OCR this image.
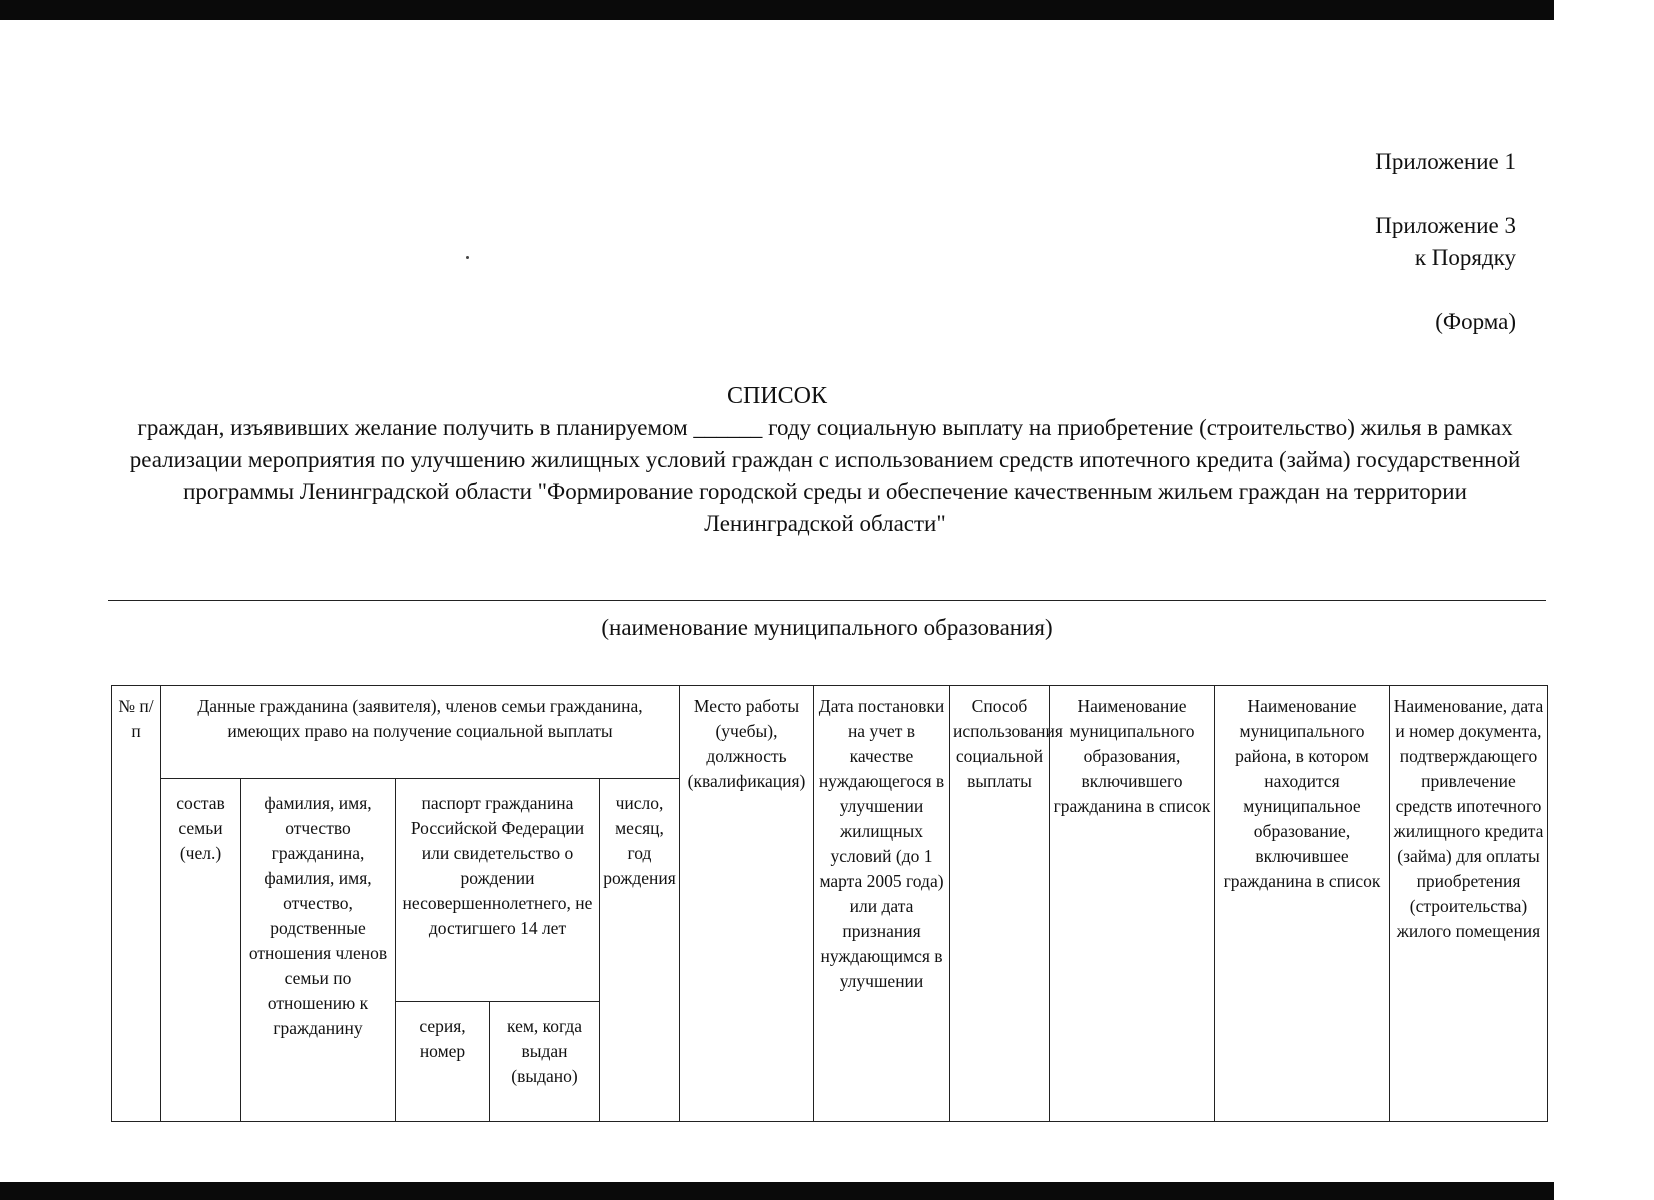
Приложение 1
Приложение 3
к Порядку
(Форма)
СПИСОК
граждан, изъявивших желание получить в планируемом ______ году социальную выплату на приобретение (строительство) жилья в рамках реализации мероприятия по улучшению жилищных условий граждан с использованием средств ипотечного кредита (займа) государственной программы Ленинградской области "Формирование городской среды и обеспечение качественным жильем граждан на территории Ленинградской области"
(наименование муниципального образования)
№ п/п	Данные гражданина (заявителя), членов семьи гражданина, имеющих право на получение социальной выплаты					Место работы (учебы), должность (квалификация)	Дата постановки на учет в качестве нуждающегося в улучшении жилищных условий (до 1 марта 2005 года) или дата признания нуждающимся в улучшении	Способ использования социальной выплаты	Наименование муниципального образования, включившего гражданина в список	Наименование муниципального района, в котором находится муниципальное образование, включившее гражданина в список	Наименование, дата и номер документа, подтверждающего привлечение средств ипотечного жилищного кредита (займа) для оплаты приобретения (строительства) жилого помещения
	состав семьи (чел.)	фамилия, имя, отчество гражданина, фамилия, имя, отчество, родственные отношения членов семьи по отношению к гражданину	паспорт гражданина Российской Федерации или свидетельство о рождении несовершеннолетнего, не достигшего 14 лет		число, месяц, год рождения						
			серия, номер	кем, когда выдан (выдано)							
